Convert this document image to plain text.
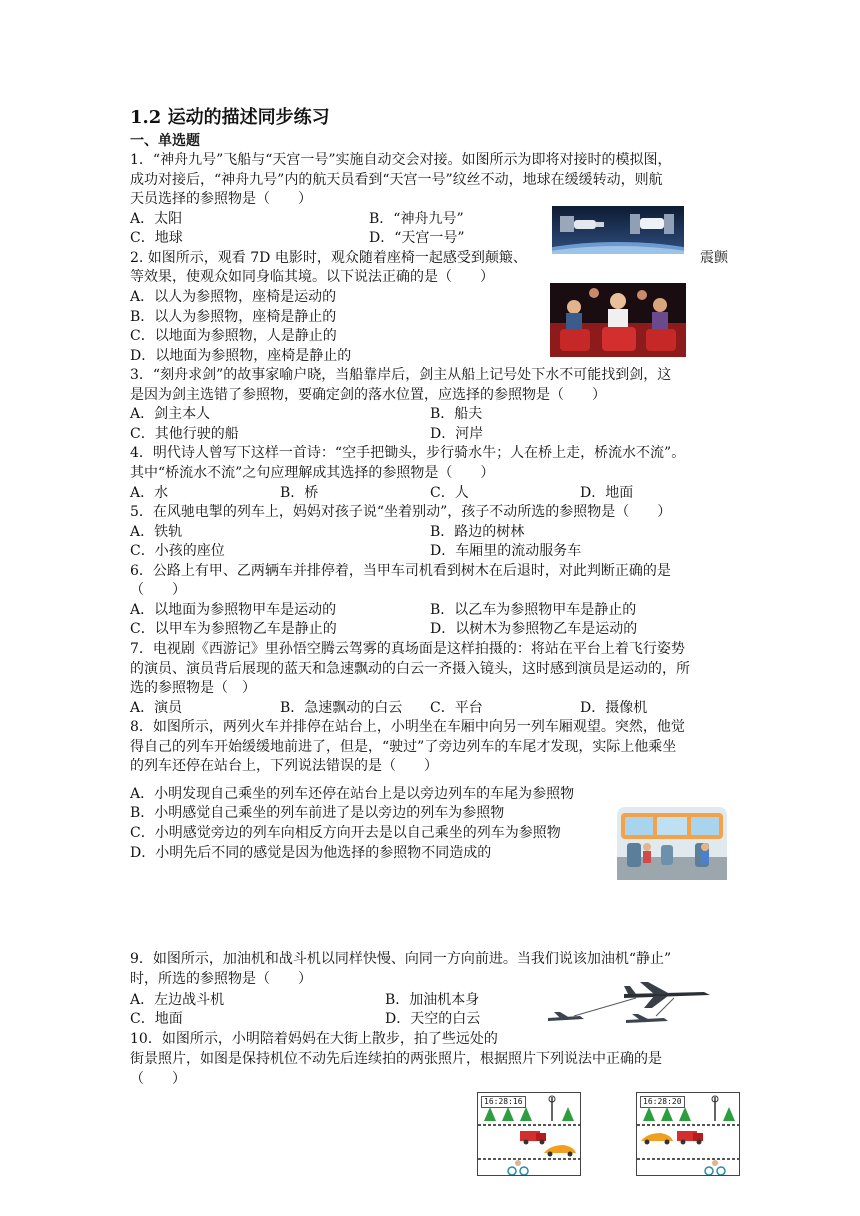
1.2 运动的描述同步练习
一、单选题
1．“神舟九号”飞船与“天宫一号”实施自动交会对接。如图所示为即将对接时的模拟图，
成功对接后，“神舟九号”内的航天员看到“天宫一号”纹丝不动，地球在缓缓转动，则航
天员选择的参照物是（　　）
A．太阳	B．“神舟九号”
C．地球	D．“天宫一号”
2. 如图所示，观看 7D 电影时，观众随着座椅一起感受到颠簸、	震颤
等效果，使观众如同身临其境。以下说法正确的是（　　）
A．以人为参照物，座椅是运动的
B．以人为参照物，座椅是静止的
C．以地面为参照物，人是静止的
D．以地面为参照物，座椅是静止的
3．“刻舟求剑”的故事家喻户晓，当船靠岸后，剑主从船上记号处下水不可能找到剑，这
是因为剑主选错了参照物，要确定剑的落水位置，应选择的参照物是（　　）
A．剑主本人	B．船夫
C．其他行驶的船	D．河岸
4．明代诗人曾写下这样一首诗：“空手把锄头，步行骑水牛；人在桥上走，桥流水不流”。
其中“桥流水不流”之句应理解成其选择的参照物是（　　）
A．水	B．桥	C．人	D．地面
5．在风驰电掣的列车上，妈妈对孩子说“坐着别动”，孩子不动所选的参照物是（　　）
A．铁轨	B．路边的树林
C．小孩的座位	D．车厢里的流动服务车
6．公路上有甲、乙两辆车并排停着，当甲车司机看到树木在后退时，对此判断正确的是
（　　）
A．以地面为参照物甲车是运动的	B．以乙车为参照物甲车是静止的
C．以甲车为参照物乙车是静止的	D．以树木为参照物乙车是运动的
7．电视剧《西游记》里孙悟空腾云驾雾的真场面是这样拍摄的：将站在平台上着飞行姿势
的演员、演员背后展现的蓝天和急速飘动的白云一齐摄入镜头，这时感到演员是运动的，所
选的参照物是（　）
A．演员	B．急速飘动的白云 C．平台	D．摄像机
8．如图所示，两列火车并排停在站台上，小明坐在车厢中向另一列车厢观望。突然，他觉
得自己的列车开始缓缓地前进了，但是，“驶过”了旁边列车的车尾才发现，实际上他乘坐
的列车还停在站台上，下列说法错误的是（　　）
A．小明发现自己乘坐的列车还停在站台上是以旁边列车的车尾为参照物
B．小明感觉自己乘坐的列车前进了是以旁边的列车为参照物
C．小明感觉旁边的列车向相反方向开去是以自己乘坐的列车为参照物
D．小明先后不同的感觉是因为他选择的参照物不同造成的
9．如图所示，加油机和战斗机以同样快慢、向同一方向前进。当我们说该加油机“静止”
时，所选的参照物是（　　）
A．左边战斗机	B．加油机本身
C．地面	D．天空的白云
10．如图所示，小明陪着妈妈在大街上散步，拍了些远处的
街景照片，如图是保持机位不动先后连续拍的两张照片，根据照片下列说法中正确的是
（　　）
16:28:16	16:28:20
